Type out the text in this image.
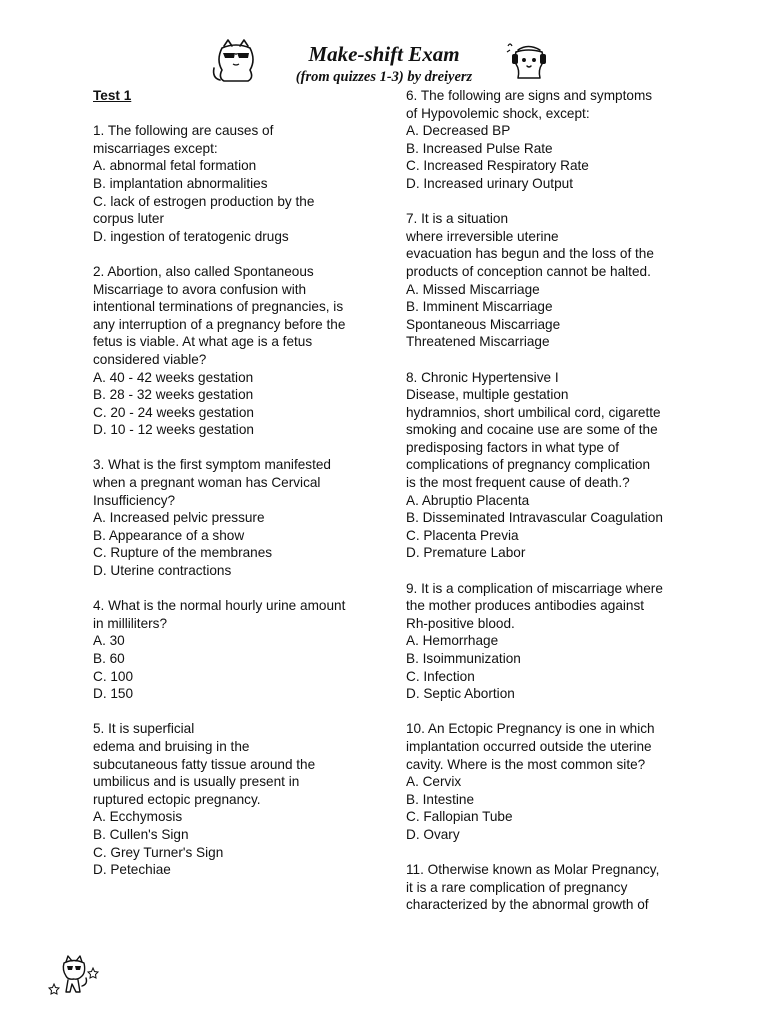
Make-shift Exam
(from quizzes 1-3) by dreiyerz
Test 1
1. The following are causes of
miscarriages except:
A. abnormal fetal formation
B. implantation abnormalities
C. lack of estrogen production by the
corpus luter
D. ingestion of teratogenic drugs
2. Abortion, also called Spontaneous
Miscarriage to avora confusion with
intentional terminations of pregnancies, is
any interruption of a pregnancy before the
fetus is viable. At what age is a fetus
considered viable?
A. 40 - 42 weeks gestation
B. 28 - 32 weeks gestation
C. 20 - 24 weeks gestation
D. 10 - 12 weeks gestation
3. What is the first symptom manifested
when a pregnant woman has Cervical
Insufficiency?
A. Increased pelvic pressure
B. Appearance of a show
C. Rupture of the membranes
D. Uterine contractions
4. What is the normal hourly urine amount
in milliliters?
A. 30
B. 60
C. 100
D. 150
5. It is superficial
edema and bruising in the
subcutaneous fatty tissue around the
umbilicus and is usually present in
ruptured ectopic pregnancy.
A. Ecchymosis
B. Cullen's Sign
C. Grey Turner's Sign
D. Petechiae
6. The following are signs and symptoms
of Hypovolemic shock, except:
A. Decreased BP
B. Increased Pulse Rate
C. Increased Respiratory Rate
D. Increased urinary Output
7. It is a situation
where irreversible uterine
evacuation has begun and the loss of the
products of conception cannot be halted.
A. Missed Miscarriage
B. Imminent Miscarriage
Spontaneous Miscarriage
Threatened Miscarriage
8. Chronic Hypertensive I
Disease, multiple gestation
hydramnios, short umbilical cord, cigarette
smoking and cocaine use are some of the
predisposing factors in what type of
complications of pregnancy complication
is the most frequent cause of death.?
A. Abruptio Placenta
B. Disseminated Intravascular Coagulation
C. Placenta Previa
D. Premature Labor
9. It is a complication of miscarriage where
the mother produces antibodies against
Rh-positive blood.
A. Hemorrhage
B. Isoimmunization
C. Infection
D. Septic Abortion
10. An Ectopic Pregnancy is one in which
implantation occurred outside the uterine
cavity. Where is the most common site?
A. Cervix
B. Intestine
C. Fallopian Tube
D. Ovary
11. Otherwise known as Molar Pregnancy,
it is a rare complication of pregnancy
characterized by the abnormal growth of
